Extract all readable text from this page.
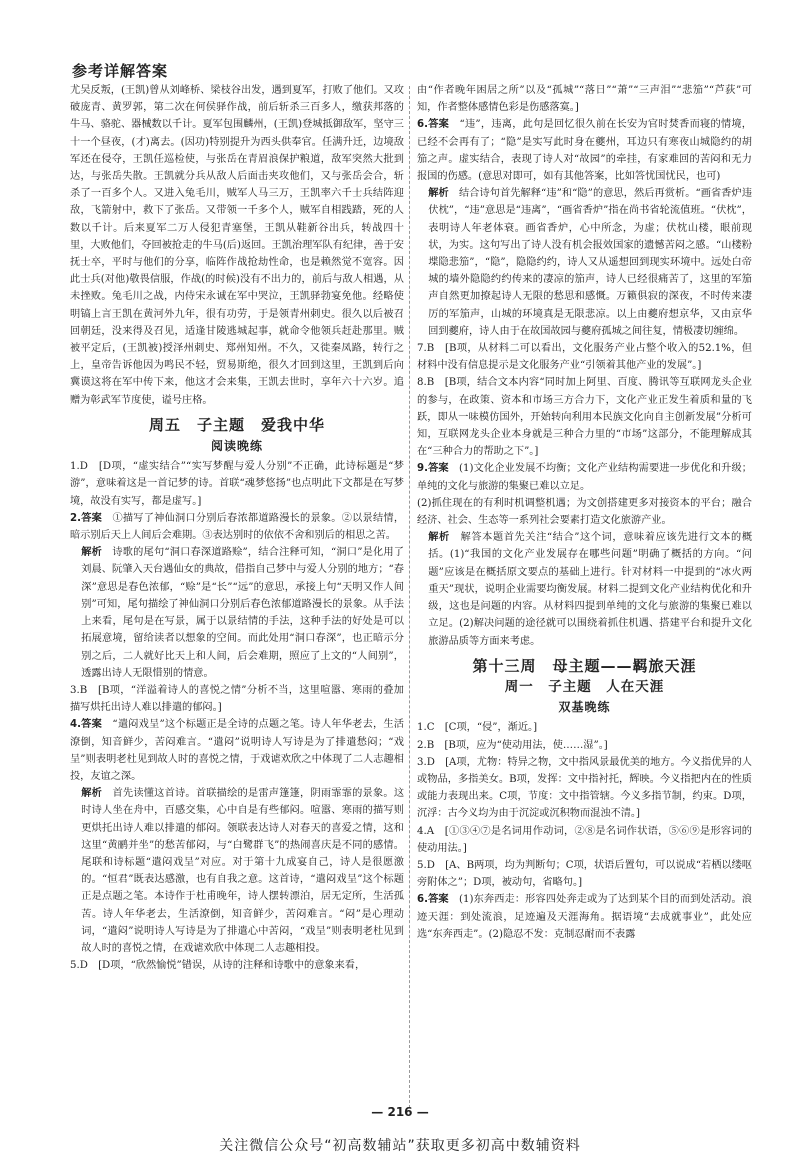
参考详解答案

尤吴反叛，(王凯)曾从刘峰桥、梁枝谷出发，遇到夏军，打败了他们。又攻破庞青、黄罗郭，第二次在何侯驿作战，前后斩杀三百多人，缴获邦落的牛马、骆驼、器械数以千计。夏军包围麟州，(王凯)登城抵御敌军，坚守三十一个昼夜，(才)离去。(因功)特别提升为西头供奉官。任满升迁，边境敌军还在侵夺，王凯任巡检使，与张岳在青眉浪保护粮道，敌军突然大批到达，与张岳失散。王凯就分兵从敌人后面击夹攻他们，又与张岳会合，斩杀了一百多个人。又进入兔毛川，贼军人马三万，王凯率六千士兵结阵迎敌，飞箭射中，救下了张岳。又带领一千多个人，贼军自相践踏，死的人数以千计。后来夏军二万人侵犯青塞堡，王凯从鞋新谷出兵，转战四十里，大败他们，夺回被抢走的牛马(后)返回。王凯治理军队有纪律，善于安抚士卒，平时与他们的分享，临阵作战抢劫性命，也是赖然觉不宽容。因此士兵(对他)敬畏信服，作战(的时候)没有不出力的，前后与敌人相遇，从未挫败。兔毛川之战，内侍宋永诚在军中哭泣，王凯驿勃宴免他。经略使明镐上言王凯在黄河外九年，很有功劳，于是领青州刺史。很久以后被召回朝廷，没来得及召见，适逢甘陵逃城起事，就命令他领兵赶赴那里。贼被平定后，(王凯被)授泽州刺史、郑州知州。不久，又徙秦凤路，转行之上，皇帝告诉他因为鸣民不轻，贸易斯绝，很久才回到这里，王凯到后向冀谟这将在军中传下来，他这才会来集，王凯去世时，享年六十六岁。追赠为彰武军节度使，谥号庄格。

周五　子主题　爱我中华
阅读晚练

1.D　[D项，“虚实结合”“实写梦醒与爱人分别”不正确，此诗标题是“梦游”，意味着这是一首记梦的诗。首联“魂梦悠扬”也点明此下文都是在写梦境，故没有实写，都是虚写。]

2.答案　 ①描写了神仙洞口分别后春浓都道路漫长的景象。②以景结情，暗示别后天上人间后会难期。③表达别时的依依不舍和别后的相思之苦。

解析　 诗歌的尾句“洞口春深道路赊”，结合注释可知，“洞口”是化用了刘晨、阮肇入天台遇仙女的典故，借指自己梦中与爱人分别的地方；“春深”意思是春色浓郁，“赊”是“长”“远”的意思，承接上句“天明又作人间别”可知，尾句描绘了神仙洞口分别后春色浓郁道路漫长的景象。从手法上来看，尾句是在写景，属于以景结情的手法，这种手法的好处是可以拓展意境，留给读者以想象的空间。而此处用“洞口春深”，也正暗示分别之后，二人就好比天上和人间，后会难期，照应了上文的“人间别”，透露出诗人无限惜别的情意。

3.B　[B项，“洋溢着诗人的喜悦之情”分析不当，这里喧嚣、寒雨的叠加描写烘托出诗人难以排遣的郁闷。]

4.答案　 “遣闷戏呈”这个标题正是全诗的点题之笔。诗人年华老去，生活潦倒，知音鲜少，苦闷难言。“遣闷”说明诗人写诗是为了排遣愁闷；“戏呈”则表明老杜见到故人时的喜悦之情，于戏谑欢欣之中体现了二人志趣相投，友谊之深。

解析　 首先读懂这首诗。首联描绘的是雷声篷篷，阴雨霏霏的景象。这时诗人坐在舟中，百感交集，心中自是有些郁闷。喧嚣、寒雨的描写则更烘托出诗人难以排遣的郁闷。领联表达诗人对春天的喜爱之情，这和这里“黄鹂并坐”的愁苦郁闷，与“白鹭群飞”的热闹喜庆是不同的感情。尾联和诗标题“遣闷戏呈”对应。对于第十九成宴自己，诗人是很愿激的。“恒君”既表达感激，也有自我之意。这首诗，“遣闷戏呈”这个标题正是点题之笔。本诗作于杜甫晚年，诗人摆转漂泊，居无定所，生活孤苦。诗人年华老去，生活潦倒，知音鲜少，苦闷难言。“闷”是心理动词，“遣闷”说明诗人写诗是为了排遣心中苦闷，“戏呈”则表明老杜见到故人时的喜悦之情，在戏谑欢欣中体现二人志趣相投。

5.D　[D项，“欣然愉悦”错误，从诗的注释和诗歌中的意象来看，

由“作者晚年困居之所”以及“孤城”“落日”“萧”“三声泪”“悲笳”“芦荻”可知，作者整体感情色彩是伤感落寞。]

6.答案　 “违”，违离，此句是回忆很久前在长安为官时焚香而寝的情境，已经不会再有了；“隐”是实写此时身在夔州，耳边只有寒夜山城隐约的胡笳之声。虚实结合，表现了诗人对“故园”的牵挂，有家难回的苦闷和无力报国的伤感。(意思对即可，如有其他答案，比如答忧国忧民，也可)

解析　 结合诗句首先解释“违”和“隐”的意思，然后再赏析。“画省香炉违伏枕”，“违”意思是“违离”，“画省香炉”指在尚书省轮流值班。“伏枕”，表明诗人年老体衰。画省香炉，心中所念，为虚；伏枕山楼，眼前现状，为实。这句写出了诗人没有机会报效国家的遗憾苦闷之感。“山楼粉堞隐悲笳”，“隐”，隐隐约约，诗人又从遥想回到现实环境中。远处白帝城的墙外隐隐约约传来的凄凉的笳声，诗人已经很痛苦了，这里的军笳声自然更加撩起诗人无限的愁思和感慨。万籁俱寂的深夜，不时传来凄厉的军笳声，山城的环境真是无限悲凉。以上由夔府想京华，又由京华回到夔府，诗人由于在故国故园与夔府孤城之间往复，情极凄切缠绵。

7.B　[B项，从材料二可以看出，文化服务产业占整个收入的52.1%，但材料中没有信息提示是文化服务产业“引领着其他产业的发展”。]

8.B　[B项，结合文本内容“同时加上阿里、百度、腾讯等互联网龙头企业的参与，在政策、资本和市场三方合力下，文化产业正发生着质和量的飞跃，即从一味模仿国外，开始转向利用本民族文化向自主创新发展”分析可知，互联网龙头企业本身就是三种合力里的“市场”这部分，不能理解成其在“三种合力的帮助之下”。]

9.答案　 (1)文化企业发展不均衡；文化产业结构需要进一步优化和升级；单纯的文化与旅游的集聚已难以立足。

(2)抓住现在的有利时机调整机遇；为文创搭建更多对接资本的平台；融合经济、社会、生态等一系列社会要素打造文化旅游产业。

解析　 解答本题首先关注“结合”这个词，意味着应该先进行文本的概括。(1)“我国的文化产业发展存在哪些问题”明确了概括的方向。“问题”应该是在概括原文要点的基础上进行。针对材料一中提到的“冰火两重天”现状，说明企业需要均衡发展。材料二提到文化产业结构优化和升级，这也是问题的内容。从材料四提到单纯的文化与旅游的集聚已难以立足。(2)解决问题的途径就可以围绕着抓住机遇、搭建平台和提升文化旅游品质等方面来考虑。

第十三周　母主题——羁旅天涯
周一　子主题　人在天涯
双基晚练

1.C　[C项，“侵”，渐近。]

2.B　[B项，应为“使动用法，使……湿”。]

3.D　[A项，尤物：特异之物，文中指风景最优美的地方。今义指优异的人或物品，多指美女。B项，发挥：文中指衬托，辉映。今义指把内在的性质或能力表现出来。C项，节度：文中指管辖。今义多指节制，约束。D项，沉浮：古今义均为由于沉淀或沉积物而混浊不清。]

4.A　[①③④⑦是名词用作动词，②⑧是名词作状语，⑤⑥⑨是形容词的使动用法。]

5.D　[A、B两项，均为判断句；C项，状语后置句，可以说成“若栖以缕呕旁附体之”；D项，被动句，省略句。]

6.答案　 (1)东奔西走：形容四处奔走或为了达到某个目的而到处活动。浪迹天涯：到处流浪，足迹遍及天涯海角。据语境“去成就事业”，此处应选“东奔西走”。(2)隐忍不发：克制忍耐而不表露

— 216 —
关注微信公众号“初高数辅站”获取更多初高中数辅资料
